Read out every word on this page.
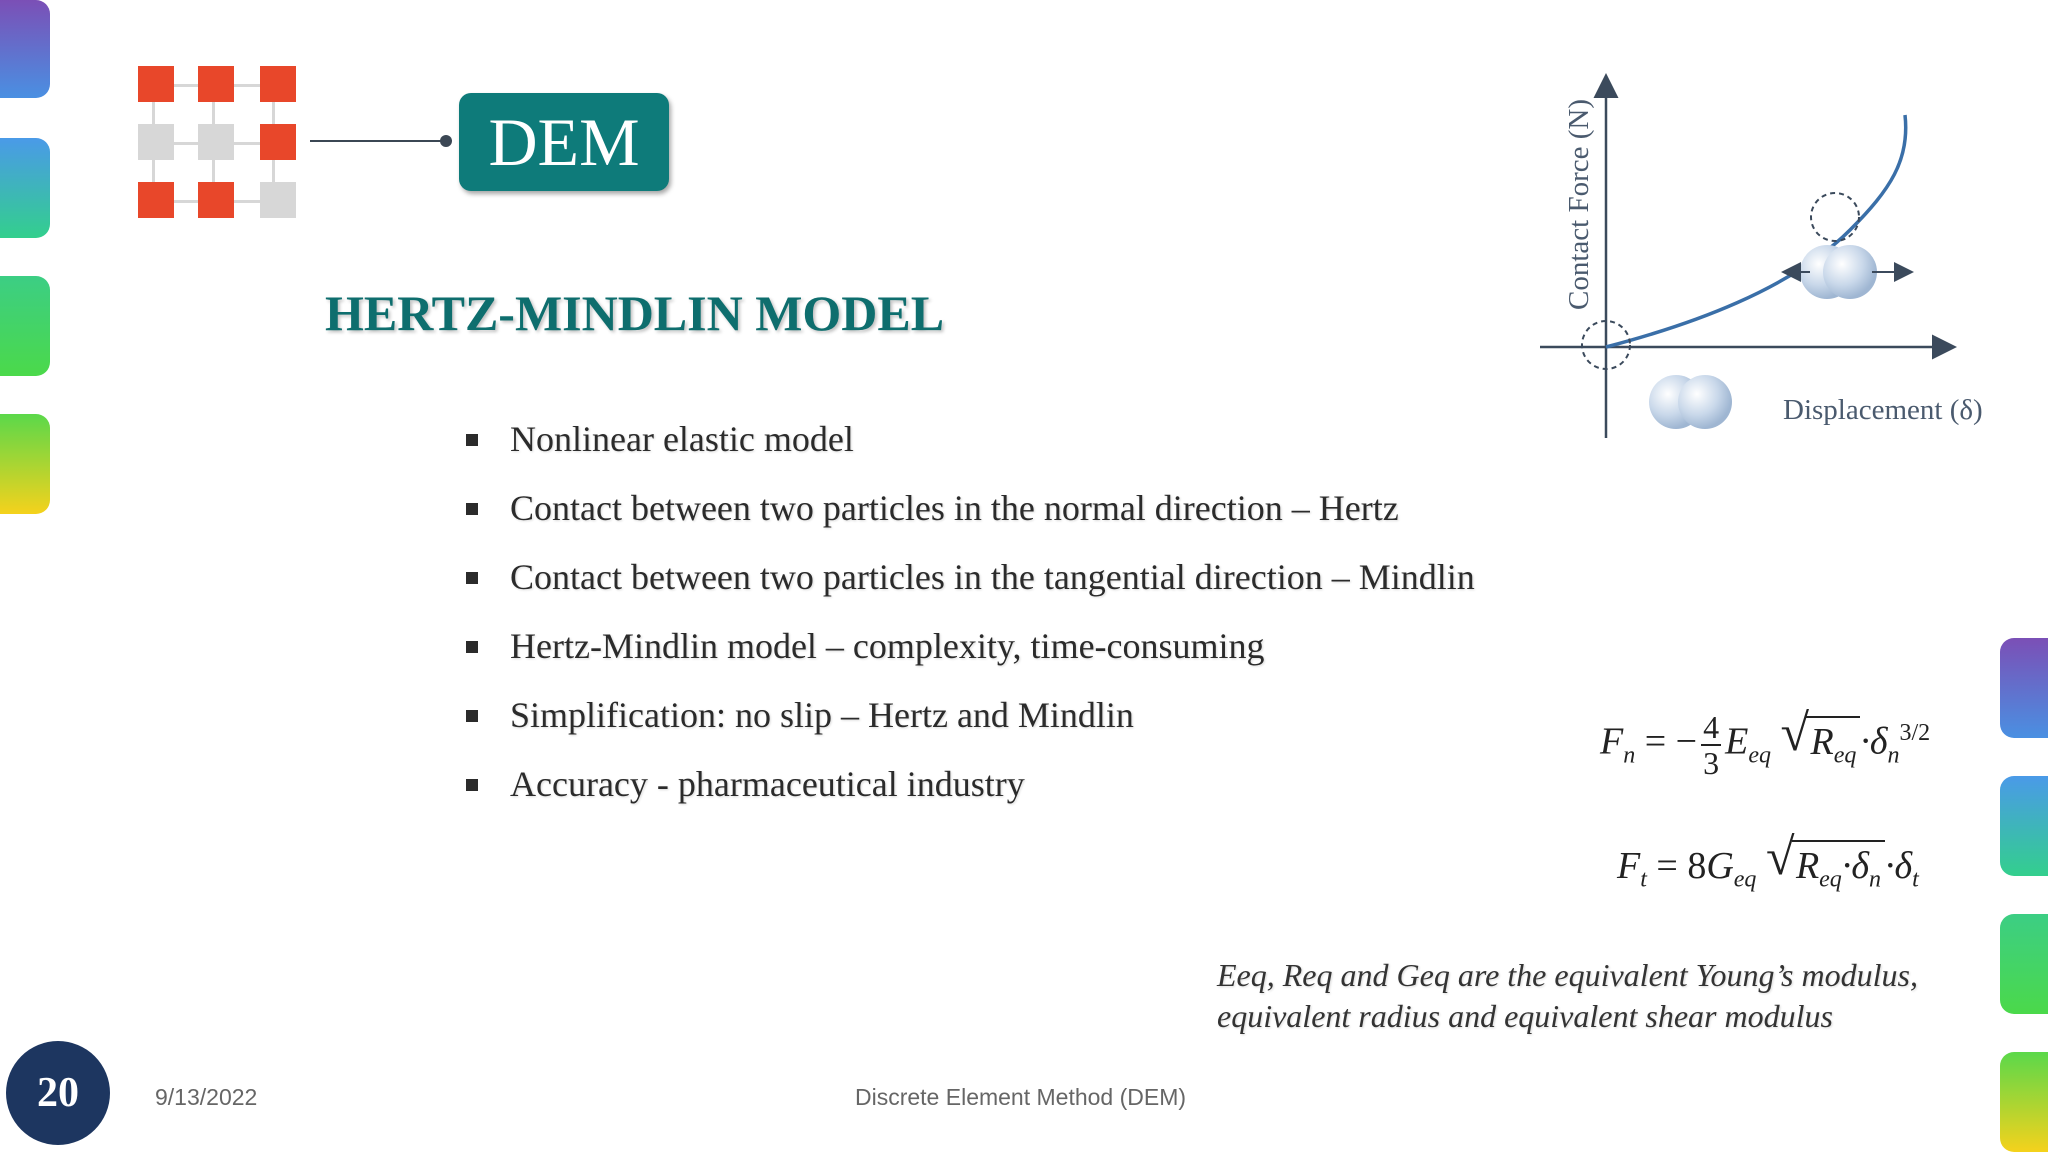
DEM
HERTZ-MINDLIN MODEL
Nonlinear elastic model
Contact between two particles in the normal direction – Hertz
Contact between two particles in the tangential direction – Mindlin
Hertz-Mindlin model – complexity, time-consuming
Simplification: no slip – Hertz and Mindlin
Accuracy - pharmaceutical industry
Contact Force (N)
Displacement (δ)
$F_n$ = − $\frac{4}{3} E_{eq}$ √ $R_{eq} \cdot\delta_n^{3/2}$
$F_t = 8G_{eq}$ √ $R_{eq}\cdot\delta_n \cdot\delta_t$

Eeq, Req and Geq are the equivalent Young’s modulus,
equivalent radius and equivalent shear modulus

20	9/13/2022	Discrete Element Method (DEM)
